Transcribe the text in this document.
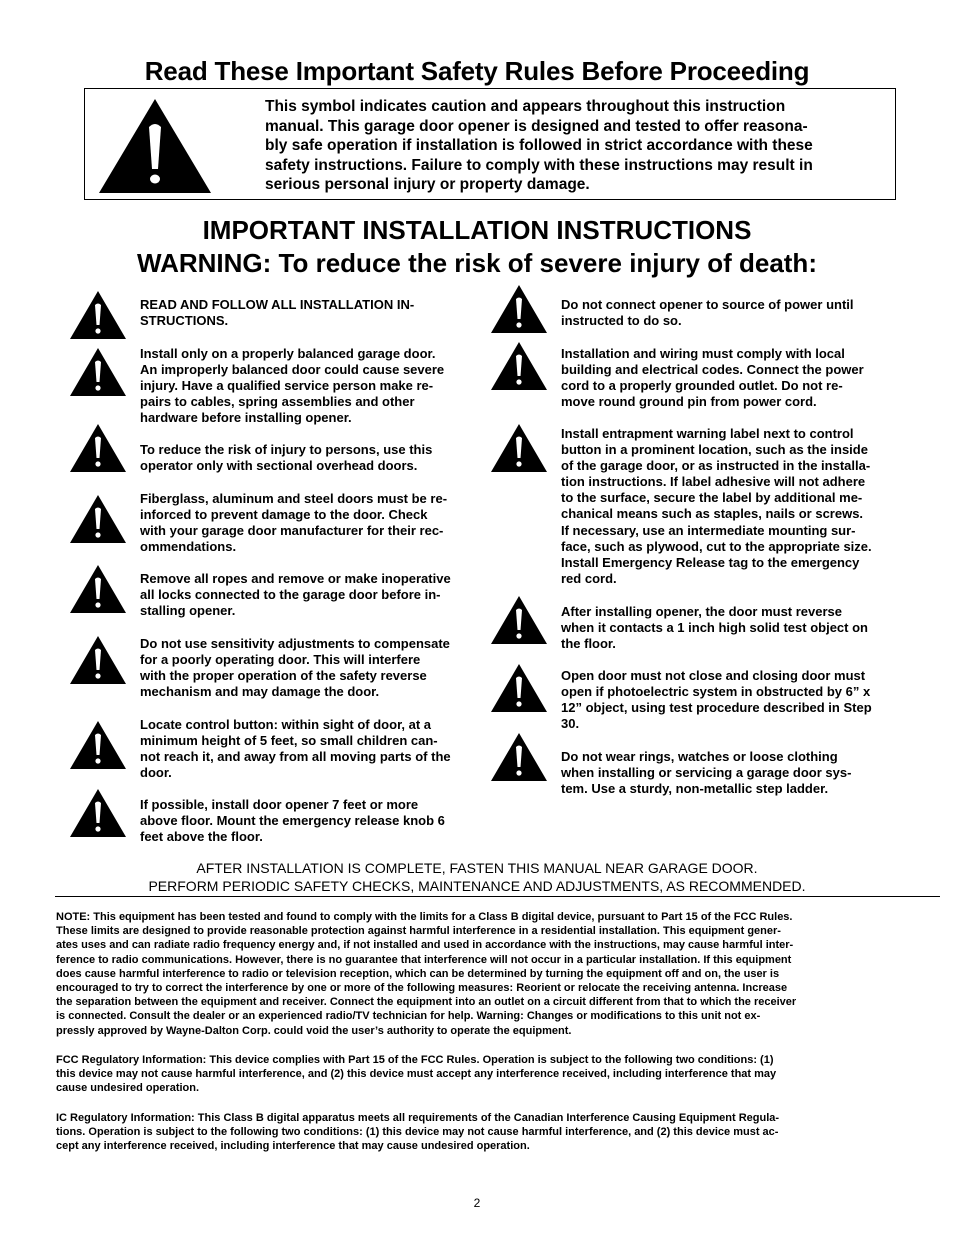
Read These Important Safety Rules Before Proceeding
This symbol indicates caution and appears throughout this instruction
manual. This garage door opener is designed and tested to offer reasona-
bly safe operation if installation is followed in strict accordance with these
safety instructions. Failure to comply with these instructions may result in
serious personal injury or property damage.
IMPORTANT INSTALLATION INSTRUCTIONS
WARNING: To reduce the risk of severe injury of death:
READ AND FOLLOW ALL INSTALLATION IN-
STRUCTIONS.
Install only on a properly balanced garage door.
An improperly balanced door could cause severe
injury. Have a qualified service person make re-
pairs to cables, spring assemblies and other
hardware before installing opener.
To reduce the risk of injury to persons, use this
operator only with sectional overhead doors.
Fiberglass, aluminum and steel doors must be re-
inforced to prevent damage to the door. Check
with your garage door manufacturer for their rec-
ommendations.
Remove all ropes and remove or make inoperative
all locks connected to the garage door before in-
stalling opener.
Do not use sensitivity adjustments to compensate
for a poorly operating door. This will interfere
with the proper operation of the safety reverse
mechanism and may damage the door.
Locate control button: within sight of door, at a
minimum height of 5 feet, so small children can-
not reach it, and away from all moving parts of the
door.
If possible, install door opener 7 feet or more
above floor. Mount the emergency release knob 6
feet above the floor.
Do not connect opener to source of power until
instructed to do so.
Installation and wiring must comply with local
building and electrical codes. Connect the power
cord to a properly grounded outlet. Do not re-
move round ground pin from power cord.
Install entrapment warning label next to control
button in a prominent location, such as the inside
of the garage door, or as instructed in the installa-
tion instructions. If label adhesive will not adhere
to the surface, secure the label by additional me-
chanical means such as staples, nails or screws.
If necessary, use an intermediate mounting sur-
face, such as plywood, cut to the appropriate size.
Install Emergency Release tag to the emergency
red cord.
After installing opener, the door must reverse
when it contacts a 1 inch high solid test object on
the floor.
Open door must not close and closing door must
open if photoelectric system in obstructed by 6” x
12” object, using test procedure described in Step
30.
Do not wear rings, watches or loose clothing
when installing or servicing a garage door sys-
tem. Use a sturdy, non-metallic step ladder.
AFTER INSTALLATION IS COMPLETE, FASTEN THIS MANUAL NEAR GARAGE DOOR.
PERFORM PERIODIC SAFETY CHECKS, MAINTENANCE AND ADJUSTMENTS, AS RECOMMENDED.
NOTE: This equipment has been tested and found to comply with the limits for a Class B digital device, pursuant to Part 15 of the FCC Rules.
These limits are designed to provide reasonable protection against harmful interference in a residential installation. This equipment gener-
ates uses and can radiate radio frequency energy and, if not installed and used in accordance with the instructions, may cause harmful inter-
ference to radio communications. However, there is no guarantee that interference will not occur in a particular installation. If this equipment
does cause harmful interference to radio or television reception, which can be determined by turning the equipment off and on, the user is
encouraged to try to correct the interference by one or more of the following measures: Reorient or relocate the receiving antenna. Increase
the separation between the equipment and receiver. Connect the equipment into an outlet on a circuit different from that to which the receiver
is connected. Consult the dealer or an experienced radio/TV technician for help. Warning: Changes or modifications to this unit not ex-
pressly approved by Wayne-Dalton Corp. could void the user’s authority to operate the equipment.
FCC Regulatory Information: This device complies with Part 15 of the FCC Rules. Operation is subject to the following two conditions: (1)
this device may not cause harmful interference, and (2) this device must accept any interference received, including interference that may
cause undesired operation.
IC Regulatory Information: This Class B digital apparatus meets all requirements of the Canadian Interference Causing Equipment Regula-
tions. Operation is subject to the following two conditions: (1) this device may not cause harmful interference, and (2) this device must ac-
cept any interference received, including interference that may cause undesired operation.
2
